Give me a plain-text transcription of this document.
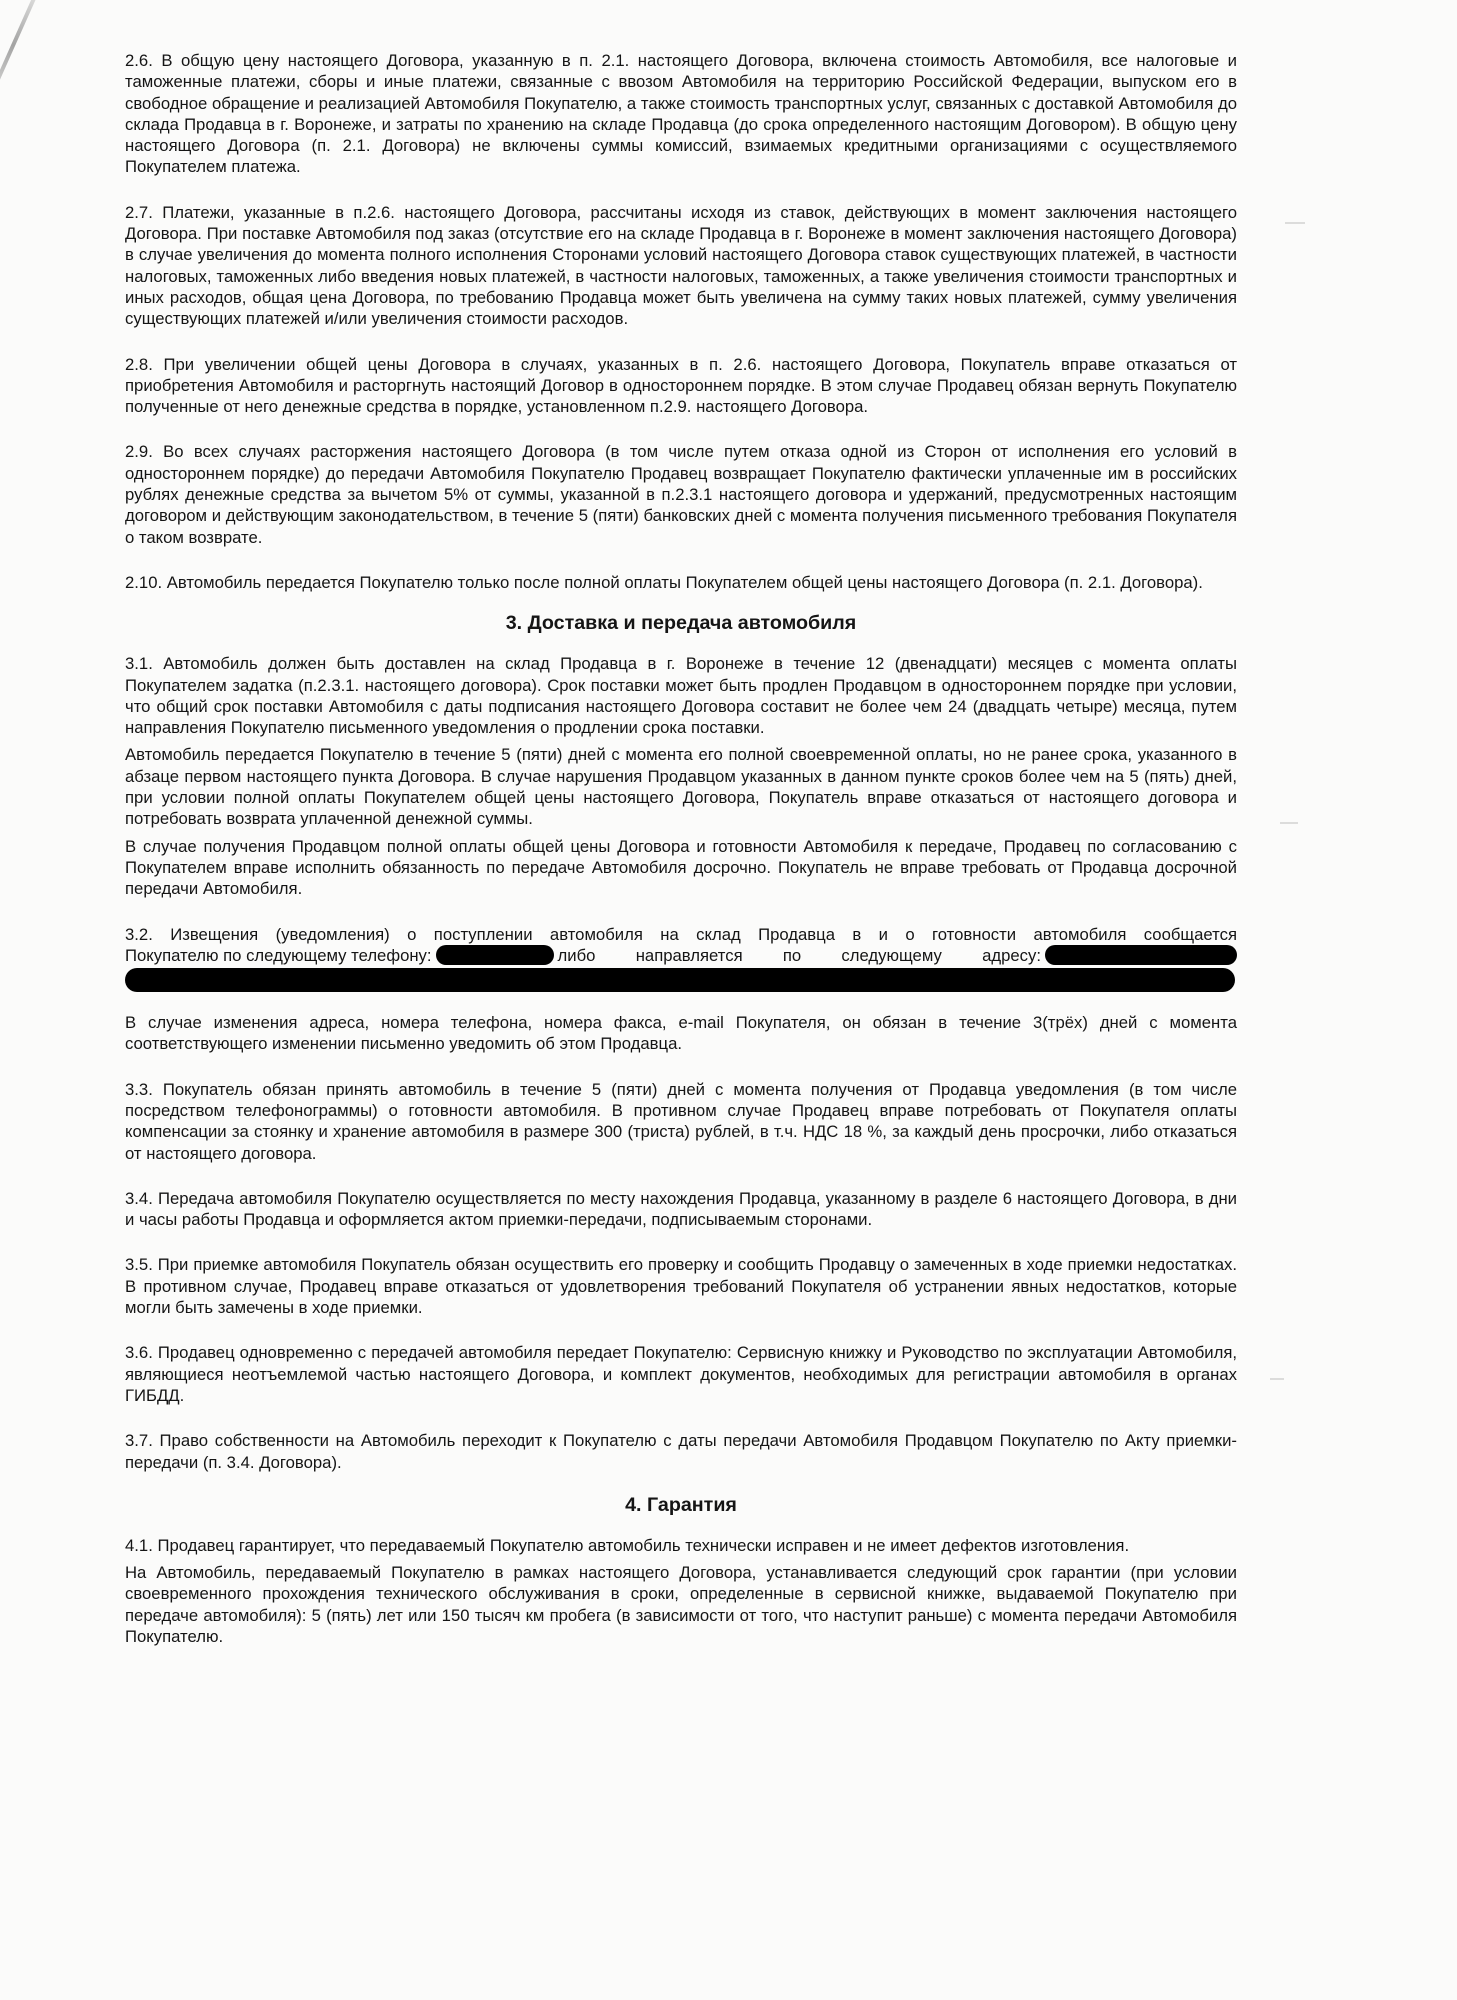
2.6. В общую цену настоящего Договора, указанную в п. 2.1. настоящего Договора, включена стоимость Автомобиля, все налоговые и таможенные платежи, сборы и иные платежи, связанные с ввозом Автомобиля на территорию Российской Федерации, выпуском его в свободное обращение и реализацией Автомобиля Покупателю, а также стоимость транспортных услуг, связанных с доставкой Автомобиля до склада Продавца в г. Воронеже, и затраты по хранению на складе Продавца (до срока определенного настоящим Договором). В общую цену настоящего Договора (п. 2.1. Договора) не включены суммы комиссий, взимаемых кредитными организациями с осуществляемого Покупателем платежа.

2.7. Платежи, указанные в п.2.6. настоящего Договора, рассчитаны исходя из ставок, действующих в момент заключения настоящего Договора. При поставке Автомобиля под заказ (отсутствие его на складе Продавца в г. Воронеже в момент заключения настоящего Договора) в случае увеличения до момента полного исполнения Сторонами условий настоящего Договора ставок существующих платежей, в частности налоговых, таможенных либо введения новых платежей, в частности налоговых, таможенных, а также увеличения стоимости транспортных и иных расходов, общая цена Договора, по требованию Продавца может быть увеличена на сумму таких новых платежей, сумму увеличения существующих платежей и/или увеличения стоимости расходов.

2.8. При увеличении общей цены Договора в случаях, указанных в п. 2.6. настоящего Договора, Покупатель вправе отказаться от приобретения Автомобиля и расторгнуть настоящий Договор в одностороннем порядке. В этом случае Продавец обязан вернуть Покупателю полученные от него денежные средства в порядке, установленном п.2.9. настоящего Договора.

2.9. Во всех случаях расторжения настоящего Договора (в том числе путем отказа одной из Сторон от исполнения его условий в одностороннем порядке) до передачи Автомобиля Покупателю Продавец возвращает Покупателю фактически уплаченные им в российских рублях денежные средства за вычетом 5% от суммы, указанной в п.2.3.1 настоящего договора и удержаний, предусмотренных настоящим договором и действующим законодательством, в течение 5 (пяти) банковских дней с момента получения письменного требования Покупателя о таком возврате.

2.10. Автомобиль передается Покупателю только после полной оплаты Покупателем общей цены настоящего Договора (п. 2.1. Договора).

3. Доставка и передача автомобиля

3.1. Автомобиль должен быть доставлен на склад Продавца в г. Воронеже в течение 12 (двенадцати) месяцев с момента оплаты Покупателем задатка (п.2.3.1. настоящего договора). Срок поставки может быть продлен Продавцом в одностороннем порядке при условии, что общий срок поставки Автомобиля с даты подписания настоящего Договора составит не более чем 24 (двадцать четыре) месяца, путем направления Покупателю письменного уведомления о продлении срока поставки.

Автомобиль передается Покупателю в течение 5 (пяти) дней с момента его полной своевременной оплаты, но не ранее срока, указанного в абзаце первом настоящего пункта Договора. В случае нарушения Продавцом указанных в данном пункте сроков более чем на 5 (пять) дней, при условии полной оплаты Покупателем общей цены настоящего Договора, Покупатель вправе отказаться от настоящего договора и потребовать возврата уплаченной денежной суммы.

В случае получения Продавцом полной оплаты общей цены Договора и готовности Автомобиля к передаче, Продавец по согласованию с Покупателем вправе исполнить обязанность по передаче Автомобиля досрочно. Покупатель не вправе требовать от Продавца досрочной передачи Автомобиля.

3.2. Извещения (уведомления) о поступлении автомобиля на склад Продавца в и о готовности автомобиля сообщается

Покупателю по следующему телефону:	либо направляется по следующему адресу:

В случае изменения адреса, номера телефона, номера факса, e-mail Покупателя, он обязан в течение 3(трёх) дней с момента соответствующего изменении письменно уведомить об этом Продавца.

3.3. Покупатель обязан принять автомобиль в течение 5 (пяти) дней с момента получения от Продавца уведомления (в том числе посредством телефонограммы) о готовности автомобиля. В противном случае Продавец вправе потребовать от Покупателя оплаты компенсации за стоянку и хранение автомобиля в размере 300 (триста) рублей, в т.ч. НДС 18 %, за каждый день просрочки, либо отказаться от настоящего договора.

3.4. Передача автомобиля Покупателю осуществляется по месту нахождения Продавца, указанному в разделе 6 настоящего Договора, в дни и часы работы Продавца и оформляется актом приемки-передачи, подписываемым сторонами.

3.5. При приемке автомобиля Покупатель обязан осуществить его проверку и сообщить Продавцу о замеченных в ходе приемки недостатках. В противном случае, Продавец вправе отказаться от удовлетворения требований Покупателя об устранении явных недостатков, которые могли быть замечены в ходе приемки.

3.6. Продавец одновременно с передачей автомобиля передает Покупателю: Сервисную книжку и Руководство по эксплуатации Автомобиля, являющиеся неотъемлемой частью настоящего Договора, и комплект документов, необходимых для регистрации автомобиля в органах ГИБДД.

3.7. Право собственности на Автомобиль переходит к Покупателю с даты передачи Автомобиля Продавцом Покупателю по Акту приемки-передачи (п. 3.4. Договора).

4. Гарантия

4.1. Продавец гарантирует, что передаваемый Покупателю автомобиль технически исправен и не имеет дефектов изготовления.

На Автомобиль, передаваемый Покупателю в рамках настоящего Договора, устанавливается следующий срок гарантии (при условии своевременного прохождения технического обслуживания в сроки, определенные в сервисной книжке, выдаваемой Покупателю при передаче автомобиля): 5 (пять) лет или 150 тысяч км пробега (в зависимости от того, что наступит раньше) с момента передачи Автомобиля Покупателю.
